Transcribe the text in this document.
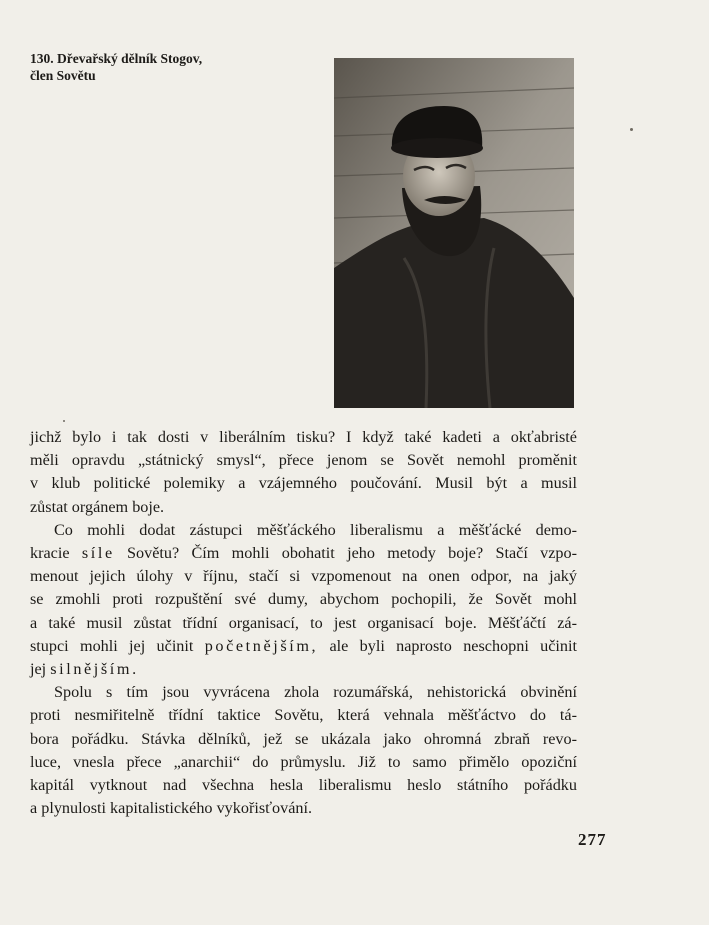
130. Dřevařský dělník Stogov,
člen Sovětu
jichž bylo i tak dosti v liberálním tisku? I když také kadeti a okťabristé
měli opravdu „státnický smysl“, přece jenom se Sovět nemohl proměnit
v klub politické polemiky a vzájemného poučování. Musil být a musil
zůstat orgánem boje.
Co mohli dodat zástupci měšťáckého liberalismu a měšťácké demo-
kracie síle Sovětu? Čím mohli obohatit jeho metody boje? Stačí vzpo-
menout jejich úlohy v říjnu, stačí si vzpomenout na onen odpor, na jaký
se zmohli proti rozpuštění své dumy, abychom pochopili, že Sovět mohl
a také musil zůstat třídní organisací, to jest organisací boje. Měšťáčtí zá-
stupci mohli jej učinit početnějším, ale byli naprosto neschopni učinit
jej silnějším.
Spolu s tím jsou vyvrácena zhola rozumářská, nehistorická obvinění
proti nesmiřitelně třídní taktice Sovětu, která vehnala měšťáctvo do tá-
bora pořádku. Stávka dělníků, jež se ukázala jako ohromná zbraň revo-
luce, vnesla přece „anarchii“ do průmyslu. Již to samo přimělo opoziční
kapitál vytknout nad všechna hesla liberalismu heslo státního pořádku
a plynulosti kapitalistického vykořisťování.
277
